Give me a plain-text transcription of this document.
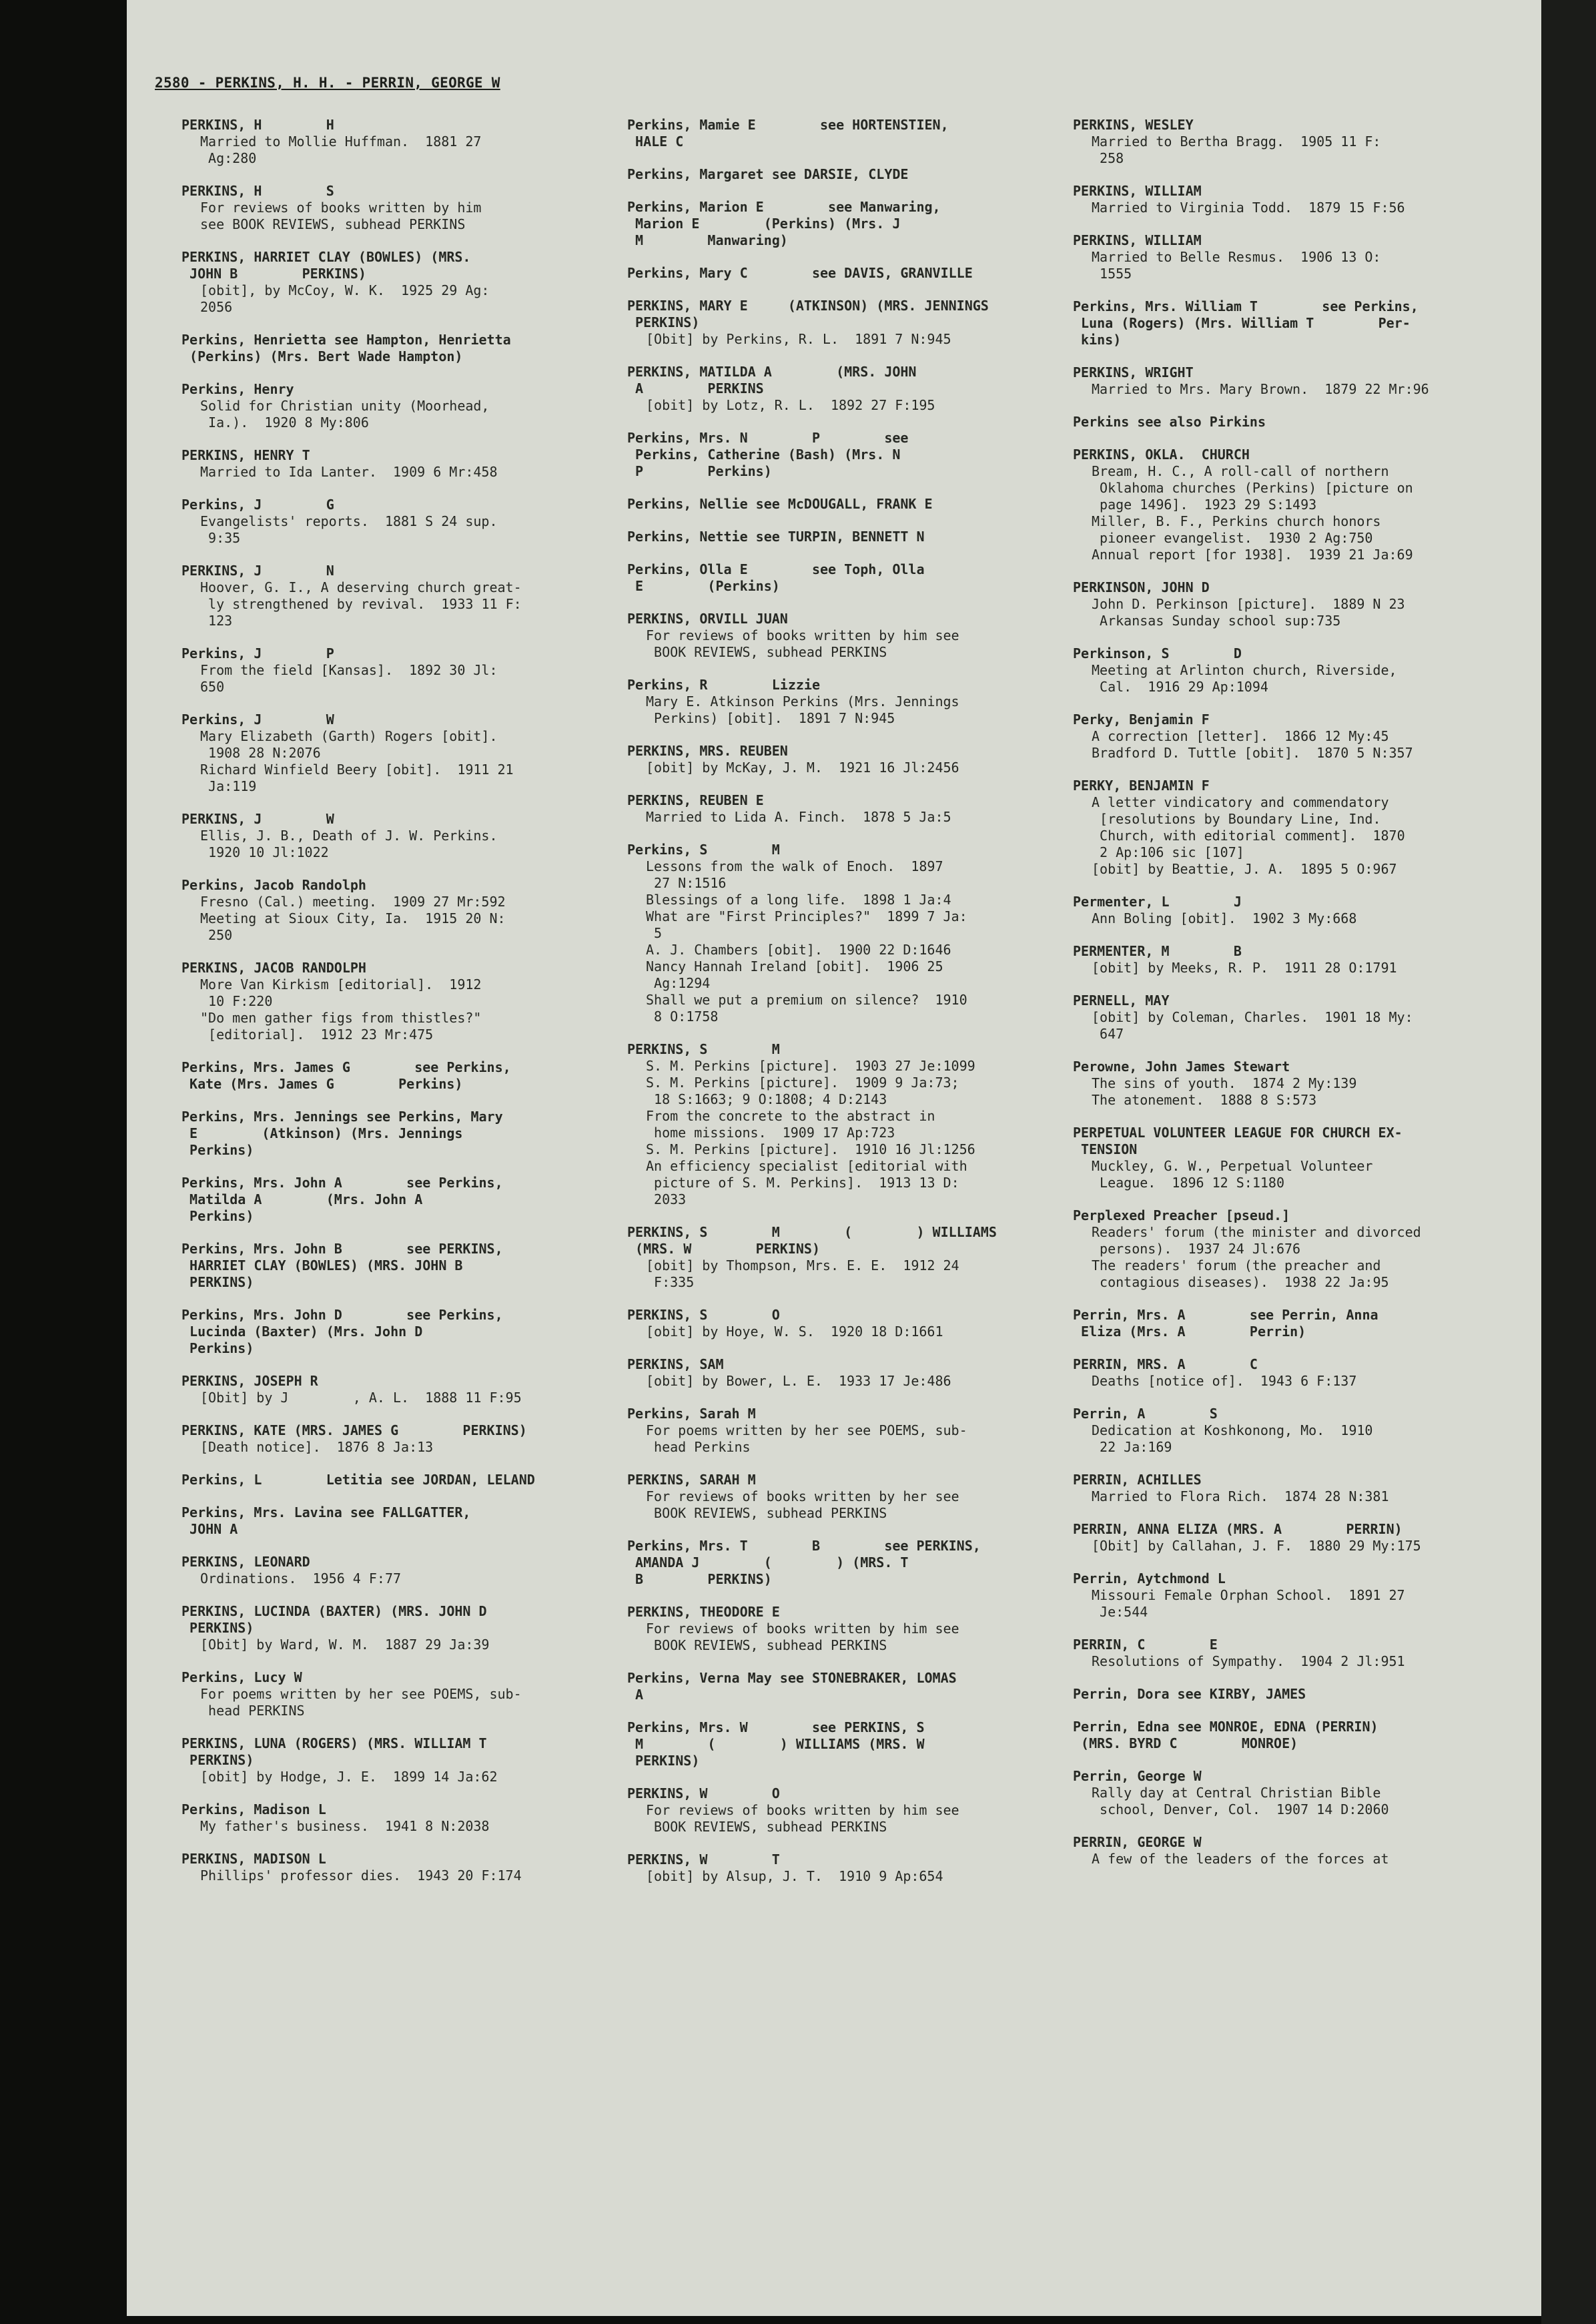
2580 - PERKINS, H. H. - PERRIN, GEORGE W
PERKINS, H        H
Married to Mollie Huffman.  1881 27
Ag:280
PERKINS, H        S
For reviews of books written by him
see BOOK REVIEWS, subhead PERKINS
PERKINS, HARRIET CLAY (BOWLES) (MRS.
JOHN B        PERKINS)
[obit], by McCoy, W. K.  1925 29 Ag:
2056
Perkins, Henrietta see Hampton, Henrietta
(Perkins) (Mrs. Bert Wade Hampton)
Perkins, Henry
Solid for Christian unity (Moorhead,
Ia.).  1920 8 My:806
PERKINS, HENRY T
Married to Ida Lanter.  1909 6 Mr:458
Perkins, J        G
Evangelists' reports.  1881 S 24 sup.
9:35
PERKINS, J        N
Hoover, G. I., A deserving church great-
ly strengthened by revival.  1933 11 F:
123
Perkins, J        P
From the field [Kansas].  1892 30 Jl:
650
Perkins, J        W
Mary Elizabeth (Garth) Rogers [obit].
1908 28 N:2076
Richard Winfield Beery [obit].  1911 21
Ja:119
PERKINS, J        W
Ellis, J. B., Death of J. W. Perkins.
1920 10 Jl:1022
Perkins, Jacob Randolph
Fresno (Cal.) meeting.  1909 27 Mr:592
Meeting at Sioux City, Ia.  1915 20 N:
250
PERKINS, JACOB RANDOLPH
More Van Kirkism [editorial].  1912
10 F:220
"Do men gather figs from thistles?"
[editorial].  1912 23 Mr:475
Perkins, Mrs. James G        see Perkins,
Kate (Mrs. James G        Perkins)
Perkins, Mrs. Jennings see Perkins, Mary
E        (Atkinson) (Mrs. Jennings
Perkins)
Perkins, Mrs. John A        see Perkins,
Matilda A        (Mrs. John A
Perkins)
Perkins, Mrs. John B        see PERKINS,
HARRIET CLAY (BOWLES) (MRS. JOHN B
PERKINS)
Perkins, Mrs. John D        see Perkins,
Lucinda (Baxter) (Mrs. John D
Perkins)
PERKINS, JOSEPH R
[Obit] by J        , A. L.  1888 11 F:95
PERKINS, KATE (MRS. JAMES G        PERKINS)
[Death notice].  1876 8 Ja:13
Perkins, L        Letitia see JORDAN, LELAND
Perkins, Mrs. Lavina see FALLGATTER,
JOHN A
PERKINS, LEONARD
Ordinations.  1956 4 F:77
PERKINS, LUCINDA (BAXTER) (MRS. JOHN D
PERKINS)
[Obit] by Ward, W. M.  1887 29 Ja:39
Perkins, Lucy W
For poems written by her see POEMS, sub-
head PERKINS
PERKINS, LUNA (ROGERS) (MRS. WILLIAM T
PERKINS)
[obit] by Hodge, J. E.  1899 14 Ja:62
Perkins, Madison L
My father's business.  1941 8 N:2038
PERKINS, MADISON L
Phillips' professor dies.  1943 20 F:174
Perkins, Mamie E        see HORTENSTIEN,
HALE C
Perkins, Margaret see DARSIE, CLYDE
Perkins, Marion E        see Manwaring,
Marion E        (Perkins) (Mrs. J
M        Manwaring)
Perkins, Mary C        see DAVIS, GRANVILLE
PERKINS, MARY E     (ATKINSON) (MRS. JENNINGS
PERKINS)
[Obit] by Perkins, R. L.  1891 7 N:945
PERKINS, MATILDA A        (MRS. JOHN
A        PERKINS
[obit] by Lotz, R. L.  1892 27 F:195
Perkins, Mrs. N        P        see
Perkins, Catherine (Bash) (Mrs. N
P        Perkins)
Perkins, Nellie see McDOUGALL, FRANK E
Perkins, Nettie see TURPIN, BENNETT N
Perkins, Olla E        see Toph, Olla
E        (Perkins)
PERKINS, ORVILL JUAN
For reviews of books written by him see
BOOK REVIEWS, subhead PERKINS
Perkins, R        Lizzie
Mary E. Atkinson Perkins (Mrs. Jennings
Perkins) [obit].  1891 7 N:945
PERKINS, MRS. REUBEN
[obit] by McKay, J. M.  1921 16 Jl:2456
PERKINS, REUBEN E
Married to Lida A. Finch.  1878 5 Ja:5
Perkins, S        M
Lessons from the walk of Enoch.  1897
27 N:1516
Blessings of a long life.  1898 1 Ja:4
What are "First Principles?"  1899 7 Ja:
5
A. J. Chambers [obit].  1900 22 D:1646
Nancy Hannah Ireland [obit].  1906 25
Ag:1294
Shall we put a premium on silence?  1910
8 O:1758
PERKINS, S        M
S. M. Perkins [picture].  1903 27 Je:1099
S. M. Perkins [picture].  1909 9 Ja:73;
18 S:1663; 9 O:1808; 4 D:2143
From the concrete to the abstract in
home missions.  1909 17 Ap:723
S. M. Perkins [picture].  1910 16 Jl:1256
An efficiency specialist [editorial with
picture of S. M. Perkins].  1913 13 D:
2033
PERKINS, S        M        (        ) WILLIAMS
(MRS. W        PERKINS)
[obit] by Thompson, Mrs. E. E.  1912 24
F:335
PERKINS, S        O
[obit] by Hoye, W. S.  1920 18 D:1661
PERKINS, SAM
[obit] by Bower, L. E.  1933 17 Je:486
Perkins, Sarah M
For poems written by her see POEMS, sub-
head Perkins
PERKINS, SARAH M
For reviews of books written by her see
BOOK REVIEWS, subhead PERKINS
Perkins, Mrs. T        B        see PERKINS,
AMANDA J        (        ) (MRS. T
B        PERKINS)
PERKINS, THEODORE E
For reviews of books written by him see
BOOK REVIEWS, subhead PERKINS
Perkins, Verna May see STONEBRAKER, LOMAS
A
Perkins, Mrs. W        see PERKINS, S
M        (        ) WILLIAMS (MRS. W
PERKINS)
PERKINS, W        O
For reviews of books written by him see
BOOK REVIEWS, subhead PERKINS
PERKINS, W        T
[obit] by Alsup, J. T.  1910 9 Ap:654
PERKINS, WESLEY
Married to Bertha Bragg.  1905 11 F:
258
PERKINS, WILLIAM
Married to Virginia Todd.  1879 15 F:56
PERKINS, WILLIAM
Married to Belle Resmus.  1906 13 O:
1555
Perkins, Mrs. William T        see Perkins,
Luna (Rogers) (Mrs. William T        Per-
kins)
PERKINS, WRIGHT
Married to Mrs. Mary Brown.  1879 22 Mr:96
Perkins see also Pirkins
PERKINS, OKLA.  CHURCH
Bream, H. C., A roll-call of northern
Oklahoma churches (Perkins) [picture on
page 1496].  1923 29 S:1493
Miller, B. F., Perkins church honors
pioneer evangelist.  1930 2 Ag:750
Annual report [for 1938].  1939 21 Ja:69
PERKINSON, JOHN D
John D. Perkinson [picture].  1889 N 23
Arkansas Sunday school sup:735
Perkinson, S        D
Meeting at Arlinton church, Riverside,
Cal.  1916 29 Ap:1094
Perky, Benjamin F
A correction [letter].  1866 12 My:45
Bradford D. Tuttle [obit].  1870 5 N:357
PERKY, BENJAMIN F
A letter vindicatory and commendatory
[resolutions by Boundary Line, Ind.
Church, with editorial comment].  1870
2 Ap:106 sic [107]
[obit] by Beattie, J. A.  1895 5 O:967
Permenter, L        J
Ann Boling [obit].  1902 3 My:668
PERMENTER, M        B
[obit] by Meeks, R. P.  1911 28 O:1791
PERNELL, MAY
[obit] by Coleman, Charles.  1901 18 My:
647
Perowne, John James Stewart
The sins of youth.  1874 2 My:139
The atonement.  1888 8 S:573
PERPETUAL VOLUNTEER LEAGUE FOR CHURCH EX-
TENSION
Muckley, G. W., Perpetual Volunteer
League.  1896 12 S:1180
Perplexed Preacher [pseud.]
Readers' forum (the minister and divorced
persons).  1937 24 Jl:676
The readers' forum (the preacher and
contagious diseases).  1938 22 Ja:95
Perrin, Mrs. A        see Perrin, Anna
Eliza (Mrs. A        Perrin)
PERRIN, MRS. A        C
Deaths [notice of].  1943 6 F:137
Perrin, A        S
Dedication at Koshkonong, Mo.  1910
22 Ja:169
PERRIN, ACHILLES
Married to Flora Rich.  1874 28 N:381
PERRIN, ANNA ELIZA (MRS. A        PERRIN)
[Obit] by Callahan, J. F.  1880 29 My:175
Perrin, Aytchmond L
Missouri Female Orphan School.  1891 27
Je:544
PERRIN, C        E
Resolutions of Sympathy.  1904 2 Jl:951
Perrin, Dora see KIRBY, JAMES
Perrin, Edna see MONROE, EDNA (PERRIN)
(MRS. BYRD C        MONROE)
Perrin, George W
Rally day at Central Christian Bible
school, Denver, Col.  1907 14 D:2060
PERRIN, GEORGE W
A few of the leaders of the forces at
